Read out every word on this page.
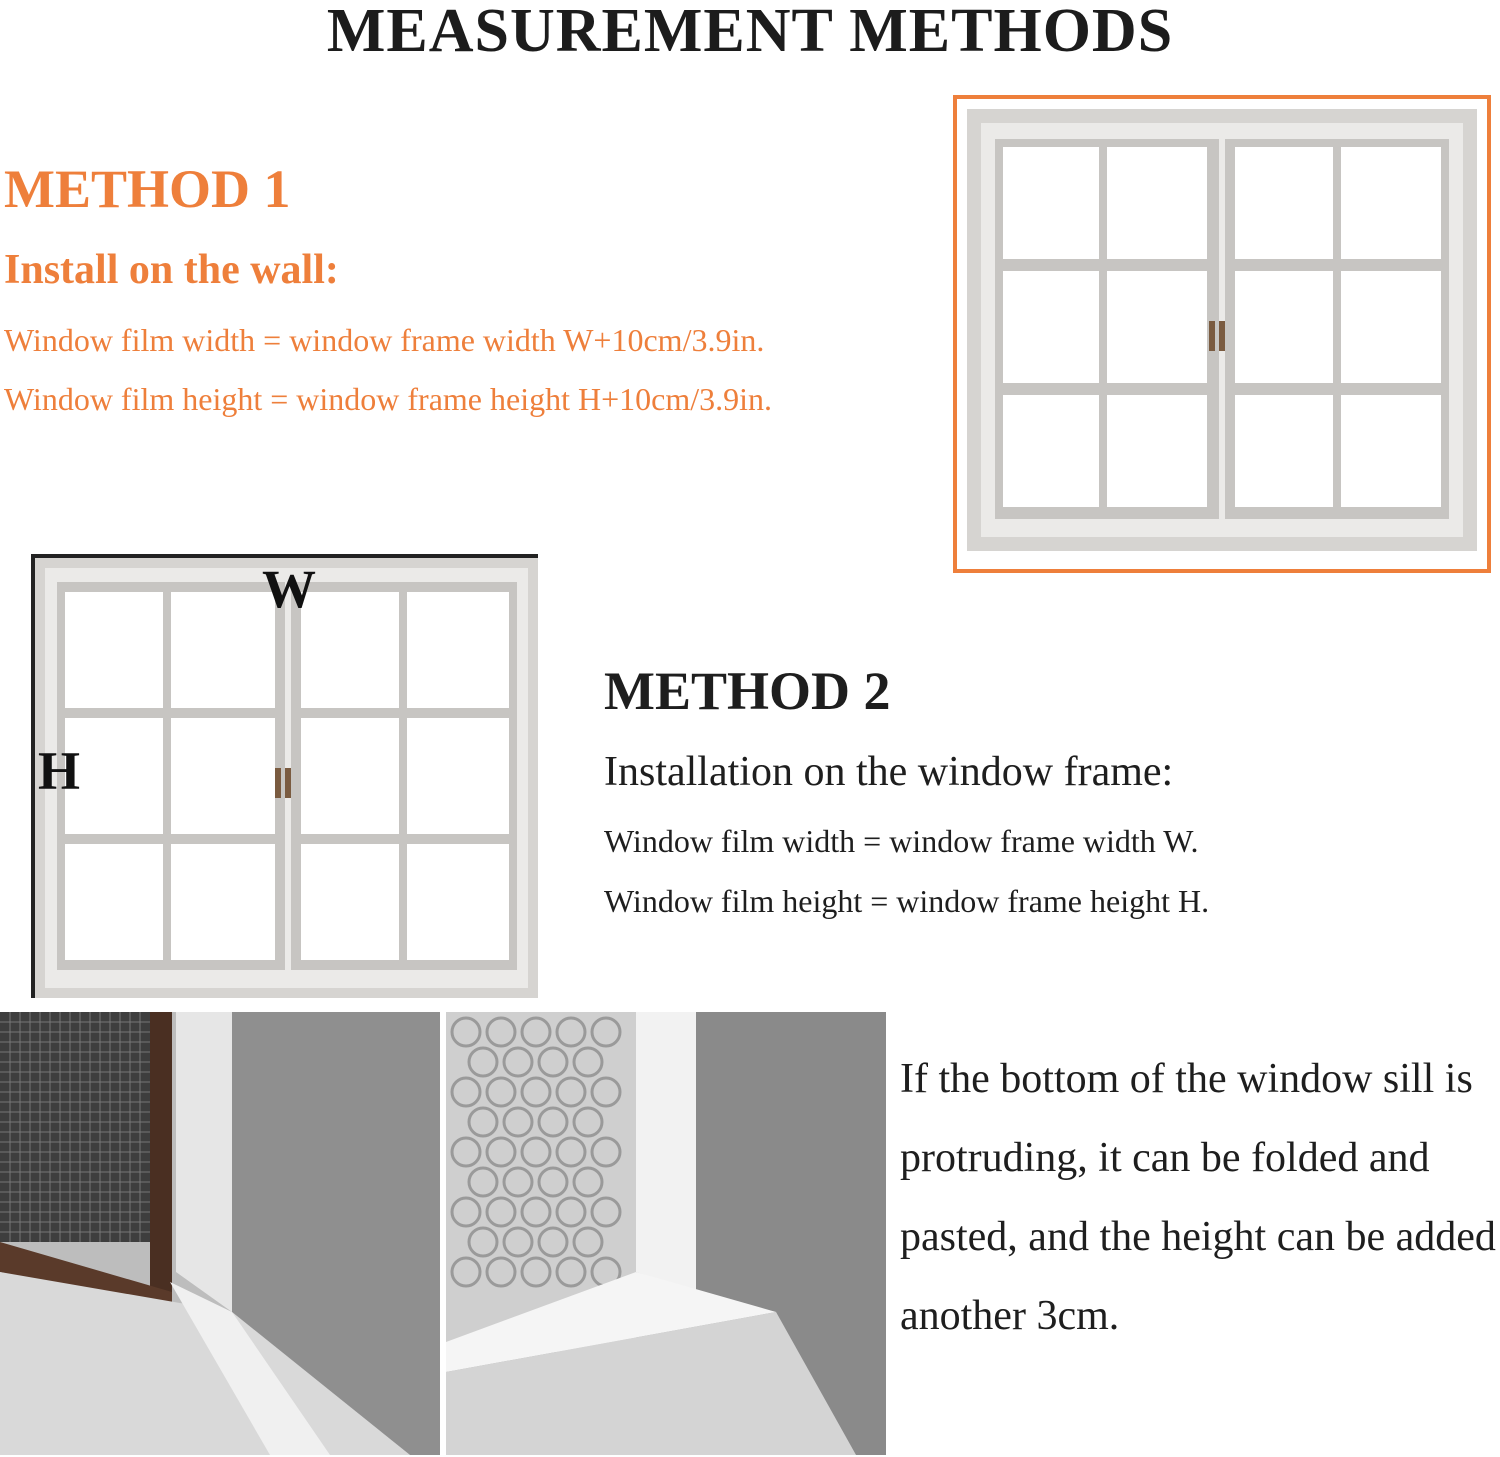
MEASUREMENT METHODS
METHOD 1
Install on the wall:
Window film width = window frame width W+10cm/3.9in.
Window film height = window frame height H+10cm/3.9in.
W
H
METHOD 2
Installation on the window frame:
Window film width = window frame width W.
Window film height = window frame height H.
If the bottom of the window sill is protruding, it can be folded and pasted, and the height can be added another 3cm.
